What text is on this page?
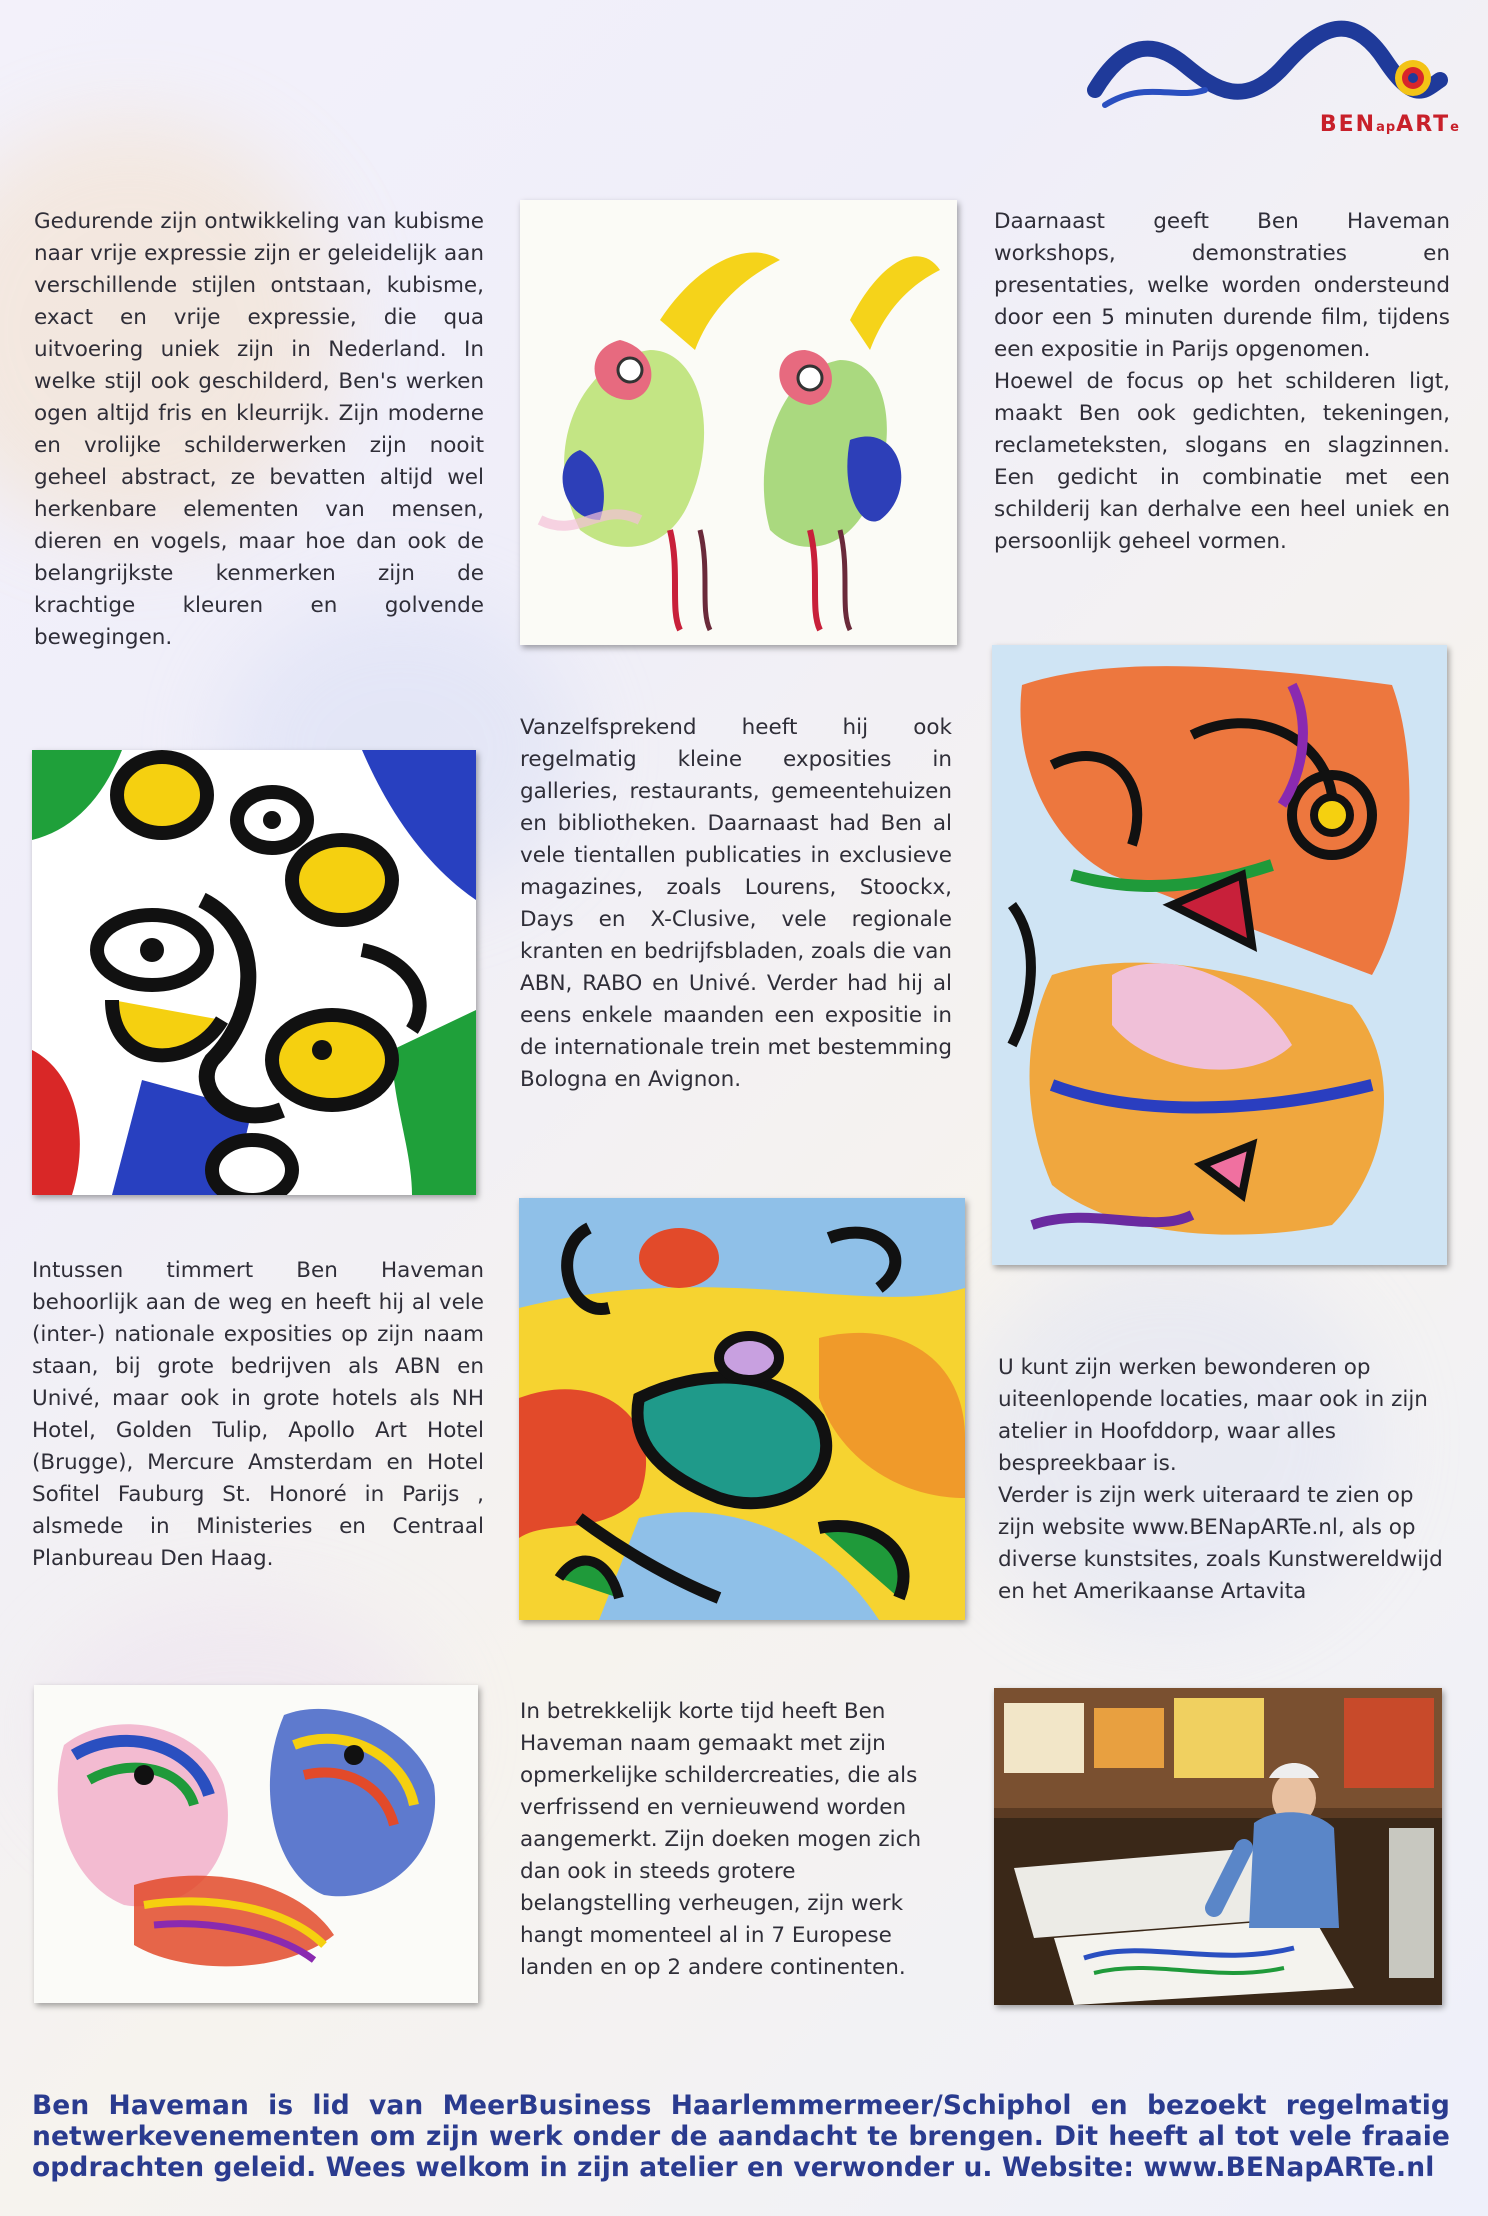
BENapARTe

Gedurende zijn ontwikkeling van kubisme naar vrije expressie zijn er geleidelijk aan verschillende stijlen ontstaan, kubisme, exact en vrije expressie, die qua uitvoering uniek zijn in Nederland. In welke stijl ook geschilderd, Ben's werken ogen altijd fris en kleurrijk. Zijn moderne en vrolijke schilderwerken zijn nooit geheel abstract, ze bevatten altijd wel herkenbare elementen van mensen, dieren en vogels, maar hoe dan ook de belangrijkste kenmerken zijn de krachtige kleuren en golvende bewegingen.

Daarnaast geeft Ben Haveman workshops, demonstraties en presentaties, welke worden ondersteund door een 5 minuten durende film, tijdens een expositie in Parijs opgenomen.

Hoewel de focus op het schilderen ligt, maakt Ben ook gedichten, tekeningen, reclameteksten, slogans en slagzinnen. Een gedicht in combinatie met een schilderij kan derhalve een heel uniek en persoonlijk geheel vormen.

Vanzelfsprekend heeft hij ook regelmatig kleine exposities in galleries, restaurants, gemeentehuizen en bibliotheken. Daarnaast had Ben al vele tientallen publicaties in exclusieve magazines, zoals Lourens, Stoockx, Days en X-Clusive, vele regionale kranten en bedrijfsbladen, zoals die van ABN, RABO en Univé. Verder had hij al eens enkele maanden een expositie in de internationale trein met bestemming Bologna en Avignon.

Intussen timmert Ben Haveman behoorlijk aan de weg en heeft hij al vele (inter-) nationale exposities op zijn naam staan, bij grote bedrijven als ABN en Univé, maar ook in grote hotels als NH Hotel, Golden Tulip, Apollo Art Hotel (Brugge), Mercure Amsterdam en Hotel Sofitel Fauburg St. Honoré in Parijs , alsmede in Ministeries en Centraal Planbureau Den Haag.

U kunt zijn werken bewonderen op uiteenlopende locaties, maar ook in zijn atelier in Hoofddorp, waar alles bespreekbaar is.

Verder is zijn werk uiteraard te zien op zijn website www.BENapARTe.nl, als op diverse kunstsites, zoals Kunstwereldwijd en het Amerikaanse Artavita

In betrekkelijk korte tijd heeft Ben Haveman naam gemaakt met zijn opmerkelijke schildercreaties, die als verfrissend en vernieuwend worden aangemerkt. Zijn doeken mogen zich dan ook in steeds grotere belangstelling verheugen, zijn werk hangt momenteel al in 7 Europese landen en op 2 andere continenten.

Ben Haveman is lid van MeerBusiness Haarlemmermeer/Schiphol en bezoekt regelmatig netwerkevenementen om zijn werk onder de aandacht te brengen. Dit heeft al tot vele fraaie opdrachten geleid. Wees welkom in zijn atelier en verwonder u. Website: www.BENapARTe.nl
